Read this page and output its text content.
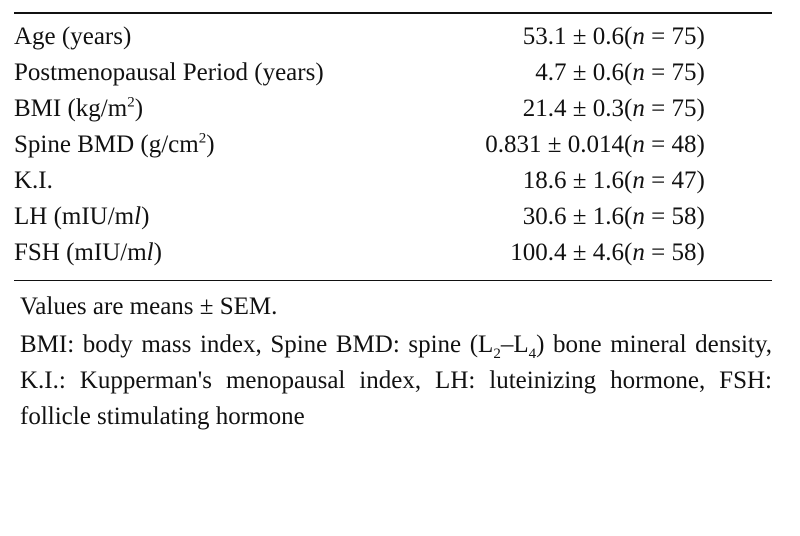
Age (years)	53.1 ± 0.6	(n = 75)
Postmenopausal Period (years)	4.7 ± 0.6	(n = 75)
BMI $(kg/m^2)$	21.4 ± 0.3	(n = 75)
Spine BMD $(g/cm^2)$	0.831 ± 0.014	(n = 48)
K.I.	18.6 ± 1.6	(n = 47)
LH (mIU/ml)	30.6 ± 1.6	(n = 58)
FSH (mIU/ml)	100.4 ± 4.6	(n = 58)

Values are means ± SEM.

BMI: body mass index, Spine BMD: spine $(L_2-L_4)$ bone mineral density, K.I.: Kupperman's menopausal index, LH: luteinizing hormone, FSH: follicle stimulating hormone
